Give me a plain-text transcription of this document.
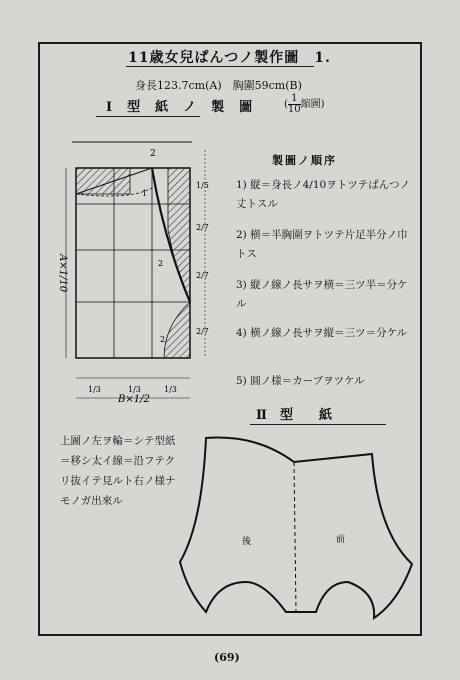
11歳女兒ぱんつノ製作圖　1.
身長123.7cm(A)　胸圍59cm(B)
Ⅰ　型　紙　ノ　製　圖	( $\frac{1}{10}$ 縮圖)
A×1/10
B×1/2
2
1/5
2/7
2/7
2/7
1/3	1/3	1/3
1
2
2
製圖ノ順序
1) 縦＝身長ノ4/10ヲトツテぱんつノ丈トスル
2) 横＝半胸圍ヲトツテ片足半分ノ巾トス
3) 縦ノ線ノ長サヲ横＝三ツ半＝分ケル
4) 横ノ線ノ長サヲ縦＝三ツ＝分ケル
5) 圓ノ様＝カーブヲツケル
Ⅱ　型　　紙
上圖ノ左ヲ輪＝シテ型紙＝移シ太イ線＝沿フテクリ抜イテ見ルト右ノ様ナモノガ出來ル
後	前
(69)
